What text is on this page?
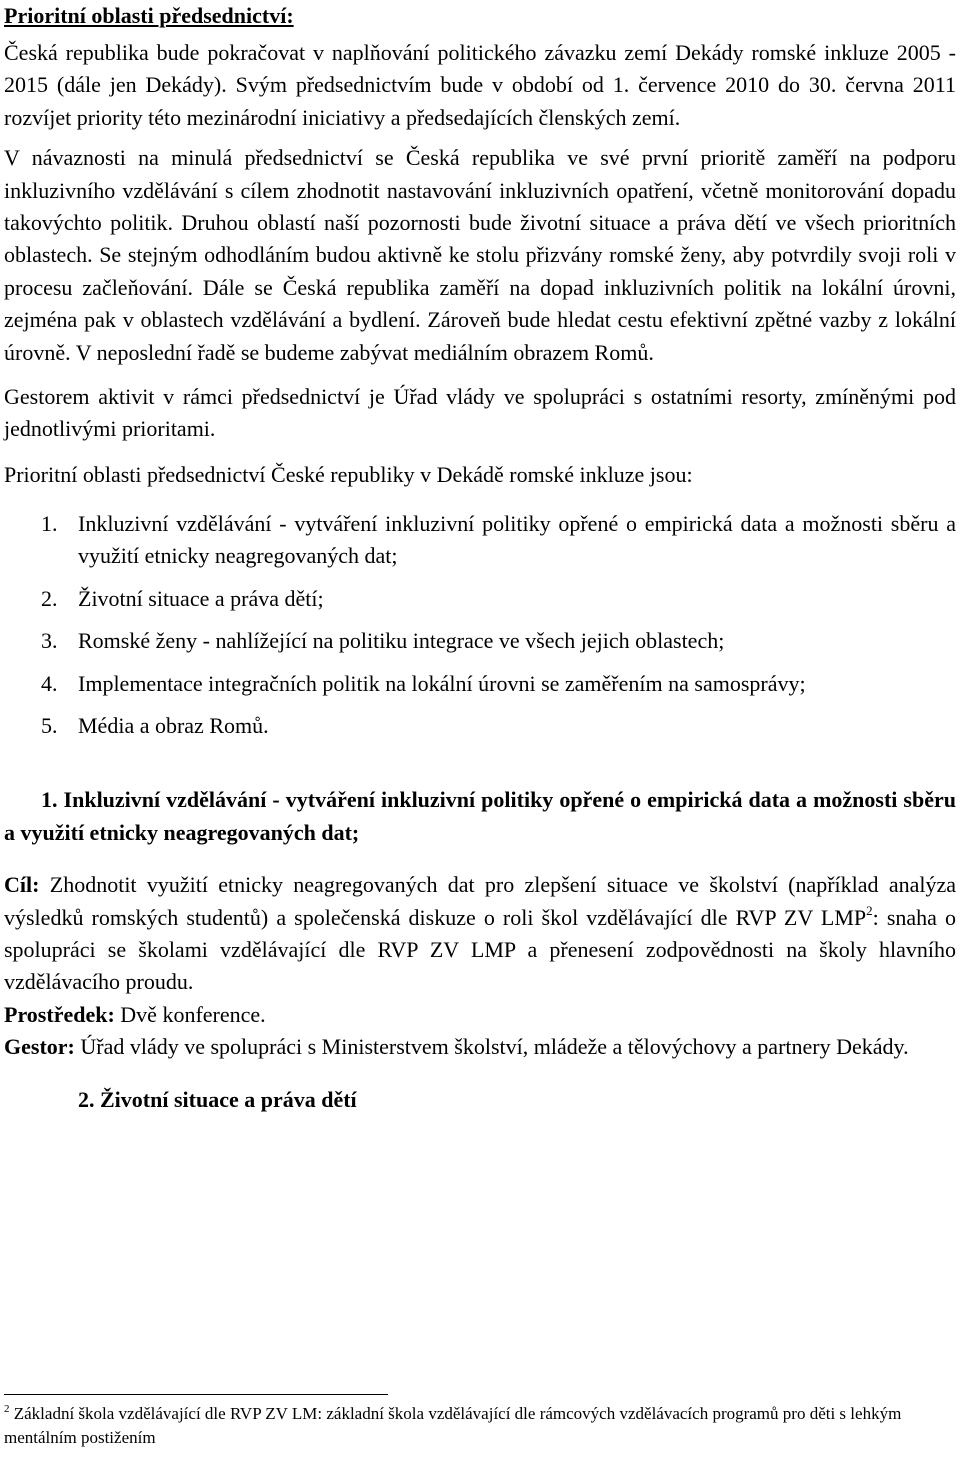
Prioritní oblasti předsednictví:

Česká republika bude pokračovat v naplňování politického závazku zemí Dekády romské inkluze 2005 - 2015 (dále jen Dekády). Svým předsednictvím bude v období od 1. července 2010 do 30. června 2011 rozvíjet priority této mezinárodní iniciativy a předsedajících členských zemí.

V návaznosti na minulá předsednictví se Česká republika ve své první prioritě zaměří na podporu inkluzivního vzdělávání s cílem zhodnotit nastavování inkluzivních opatření, včetně monitorování dopadu takovýchto politik. Druhou oblastí naší pozornosti bude životní situace a práva dětí ve všech prioritních oblastech. Se stejným odhodláním budou aktivně ke stolu přizvány romské ženy, aby potvrdily svoji roli v procesu začleňování. Dále se Česká republika zaměří na dopad inkluzivních politik na lokální úrovni, zejména pak v oblastech vzdělávání a bydlení. Zároveň bude hledat cestu efektivní zpětné vazby z lokální úrovně. V neposlední řadě se budeme zabývat mediálním obrazem Romů.

Gestorem aktivit v rámci předsednictví je Úřad vlády ve spolupráci s ostatními resorty, zmíněnými pod jednotlivými prioritami.

Prioritní oblasti předsednictví České republiky v Dekádě romské inkluze jsou:
1. Inkluzivní vzdělávání - vytváření inkluzivní politiky opřené o empirická data a možnosti sběru a využití etnicky neagregovaných dat;
2. Životní situace a práva dětí;
3. Romské ženy - nahlížející na politiku integrace ve všech jejich oblastech;
4. Implementace integračních politik na lokální úrovni se zaměřením na samosprávy;
5. Média a obraz Romů.
1. Inkluzivní vzdělávání - vytváření inkluzivní politiky opřené o empirická data a možnosti sběru a využití etnicky neagregovaných dat;

Cíl: Zhodnotit využití etnicky neagregovaných dat pro zlepšení situace ve školství (například analýza výsledků romských studentů) a společenská diskuze o roli škol vzdělávající dle RVP ZV LMP$^2$: snaha o spolupráci se školami vzdělávající dle RVP ZV LMP a přenesení zodpovědnosti na školy hlavního vzdělávacího proudu.

Prostředek: Dvě konference.

Gestor: Úřad vlády ve spolupráci s Ministerstvem školství, mládeže a tělovýchovy a partnery Dekády.

2. Životní situace a práva dětí
$^2$ Základní škola vzdělávající dle RVP ZV LM: základní škola vzdělávající dle rámcových vzdělávacích programů pro děti s lehkým mentálním postižením
